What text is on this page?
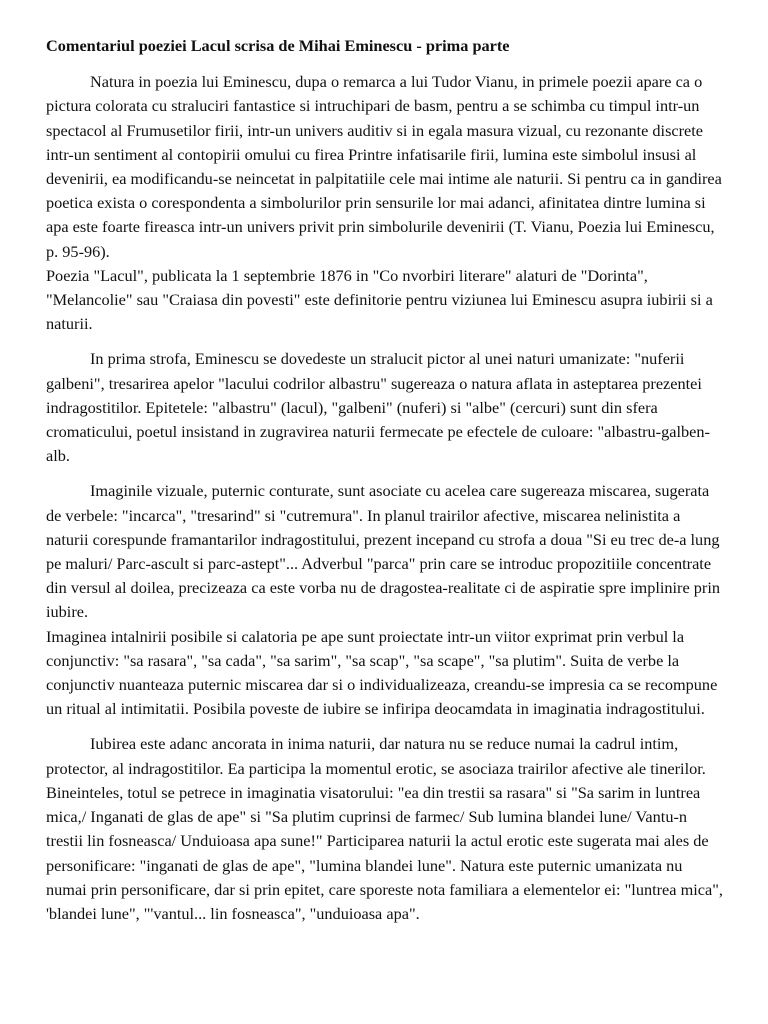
Comentariul poeziei Lacul scrisa de Mihai Eminescu - prima parte

Natura in poezia lui Eminescu, dupa o remarca a lui Tudor Vianu, in primele poezii apare ca o pictura colorata cu straluciri fantastice si intruchipari de basm, pentru a se schimba cu timpul intr-un spectacol al Frumusetilor firii, intr-un univers auditiv si in egala masura vizual, cu rezonante discrete intr-un sentiment al contopirii omului cu firea Printre infatisarile firii, lumina este simbolul insusi al devenirii, ea modificandu-se neincetat in palpitatiile cele mai intime ale naturii. Si pentru ca in gandirea poetica exista o corespondenta a simbolurilor prin sensurile lor mai adanci, afinitatea dintre lumina si apa este foarte fireasca intr-un univers privit prin simbolurile devenirii (T. Vianu, Poezia lui Eminescu, p. 95-96).

Poezia "Lacul", publicata la 1 septembrie 1876 in "Co nvorbiri literare" alaturi de "Dorinta", "Melancolie" sau "Craiasa din povesti" este definitorie pentru viziunea lui Eminescu asupra iubirii si a naturii.

In prima strofa, Eminescu se dovedeste un stralucit pictor al unei naturi umanizate: "nuferii galbeni", tresarirea apelor "lacului codrilor albastru" sugereaza o natura aflata in asteptarea prezentei indragostitilor. Epitetele: "albastru" (lacul), "galbeni" (nuferi) si "albe" (cercuri) sunt din sfera cromaticului, poetul insistand in zugravirea naturii fermecate pe efectele de culoare: "albastru-galben-alb.

Imaginile vizuale, puternic conturate, sunt asociate cu acelea care sugereaza miscarea, sugerata de verbele: "incarca", "tresarind" si "cutremura". In planul trairilor afective, miscarea nelinistita a naturii corespunde framantarilor indragostitului, prezent incepand cu strofa a doua "Si eu trec de-a lung pe maluri/ Parc-ascult si parc-astept"... Adverbul "parca" prin care se introduc propozitiile concentrate din versul al doilea, precizeaza ca este vorba nu de dragostea-realitate ci de aspiratie spre implinire prin iubire.

Imaginea intalnirii posibile si calatoria pe ape sunt proiectate intr-un viitor exprimat prin verbul la conjunctiv: "sa rasara", "sa cada", "sa sarim", "sa scap", "sa scape", "sa plutim". Suita de verbe la conjunctiv nuanteaza puternic miscarea dar si o individualizeaza, creandu-se impresia ca se recompune un ritual al intimitatii. Posibila poveste de iubire se infiripa deocamdata in imaginatia indragostitului.

Iubirea este adanc ancorata in inima naturii, dar natura nu se reduce numai la cadrul intim, protector, al indragostitilor. Ea participa la momentul erotic, se asociaza trairilor afective ale tinerilor. Bineinteles, totul se petrece in imaginatia visatorului: "ea din trestii sa rasara" si "Sa sarim in luntrea mica,/ Inganati de glas de ape" si "Sa plutim cuprinsi de farmec/ Sub lumina blandei lune/ Vantu-n trestii lin fosneasca/ Unduioasa apa sune!" Participarea naturii la actul erotic este sugerata mai ales de personificare: "inganati de glas de ape", "lumina blandei lune". Natura este puternic umanizata nu numai prin personificare, dar si prin epitet, care sporeste nota familiara a elementelor ei: "luntrea mica", 'blandei lune", "'vantul... lin fosneasca", "unduioasa apa".
